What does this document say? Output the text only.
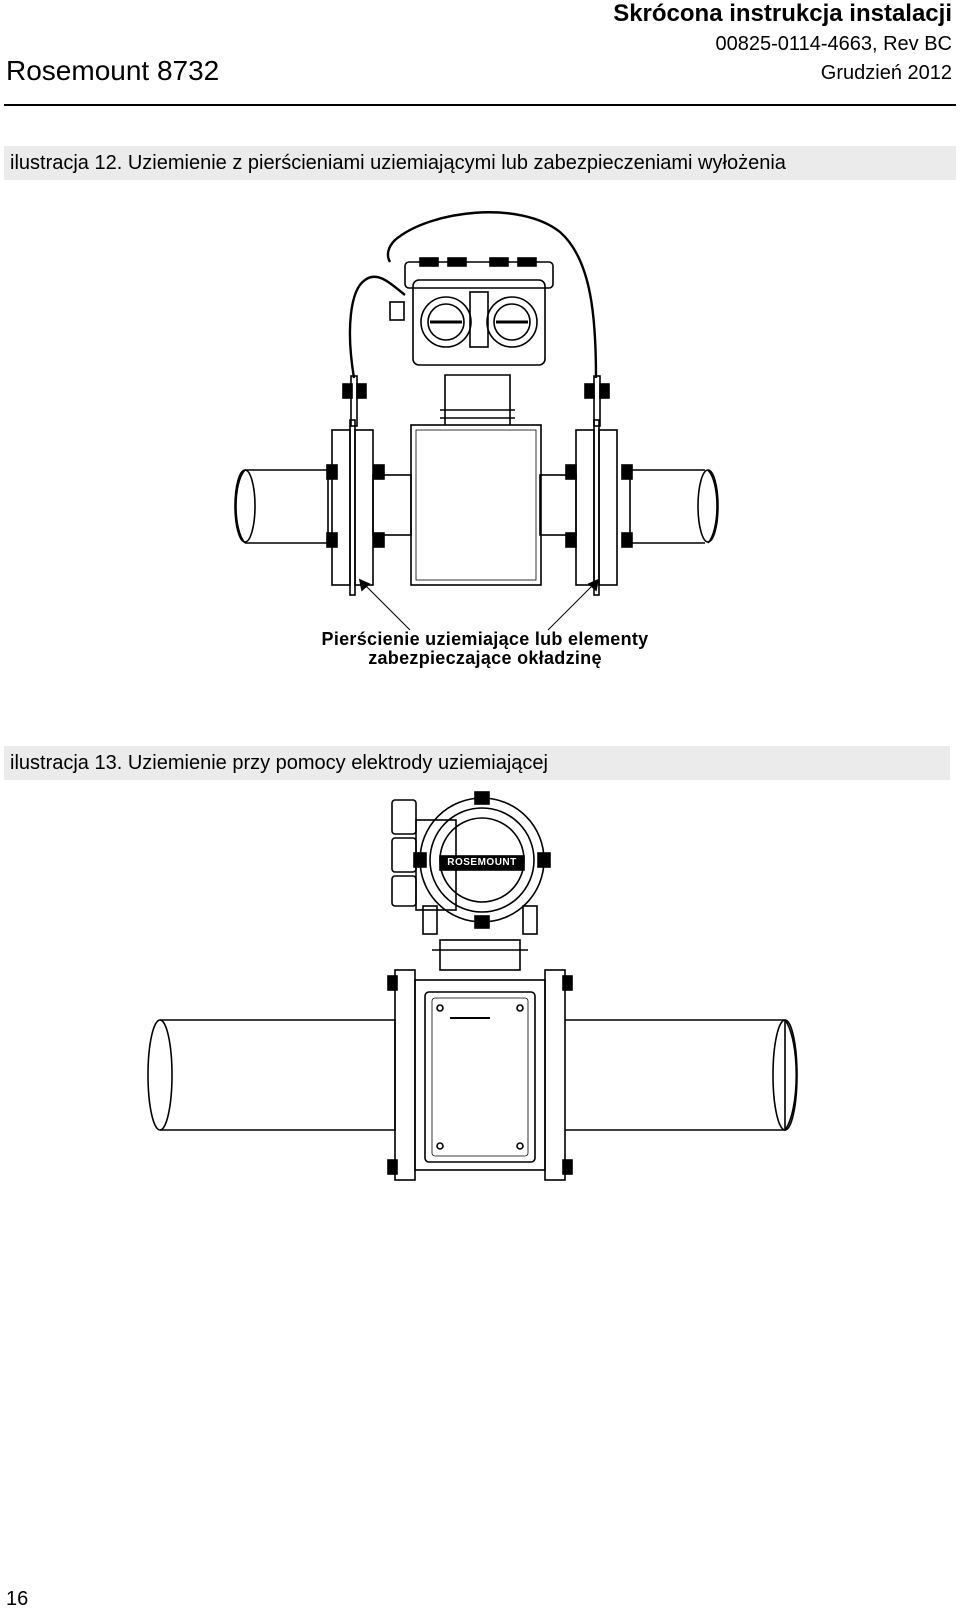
Skrócona instrukcja instalacji
00825-0114-4663, Rev BC
Grudzień 2012
Rosemount 8732
ilustracja 12. Uziemienie z pierścieniami uziemiającymi lub zabezpieczeniami wyłożenia
Pierścienie uziemiające lub elementy
zabezpieczające okładzinę
ilustracja 13. Uziemienie przy pomocy elektrody uziemiającej
ROSEMOUNT
16
